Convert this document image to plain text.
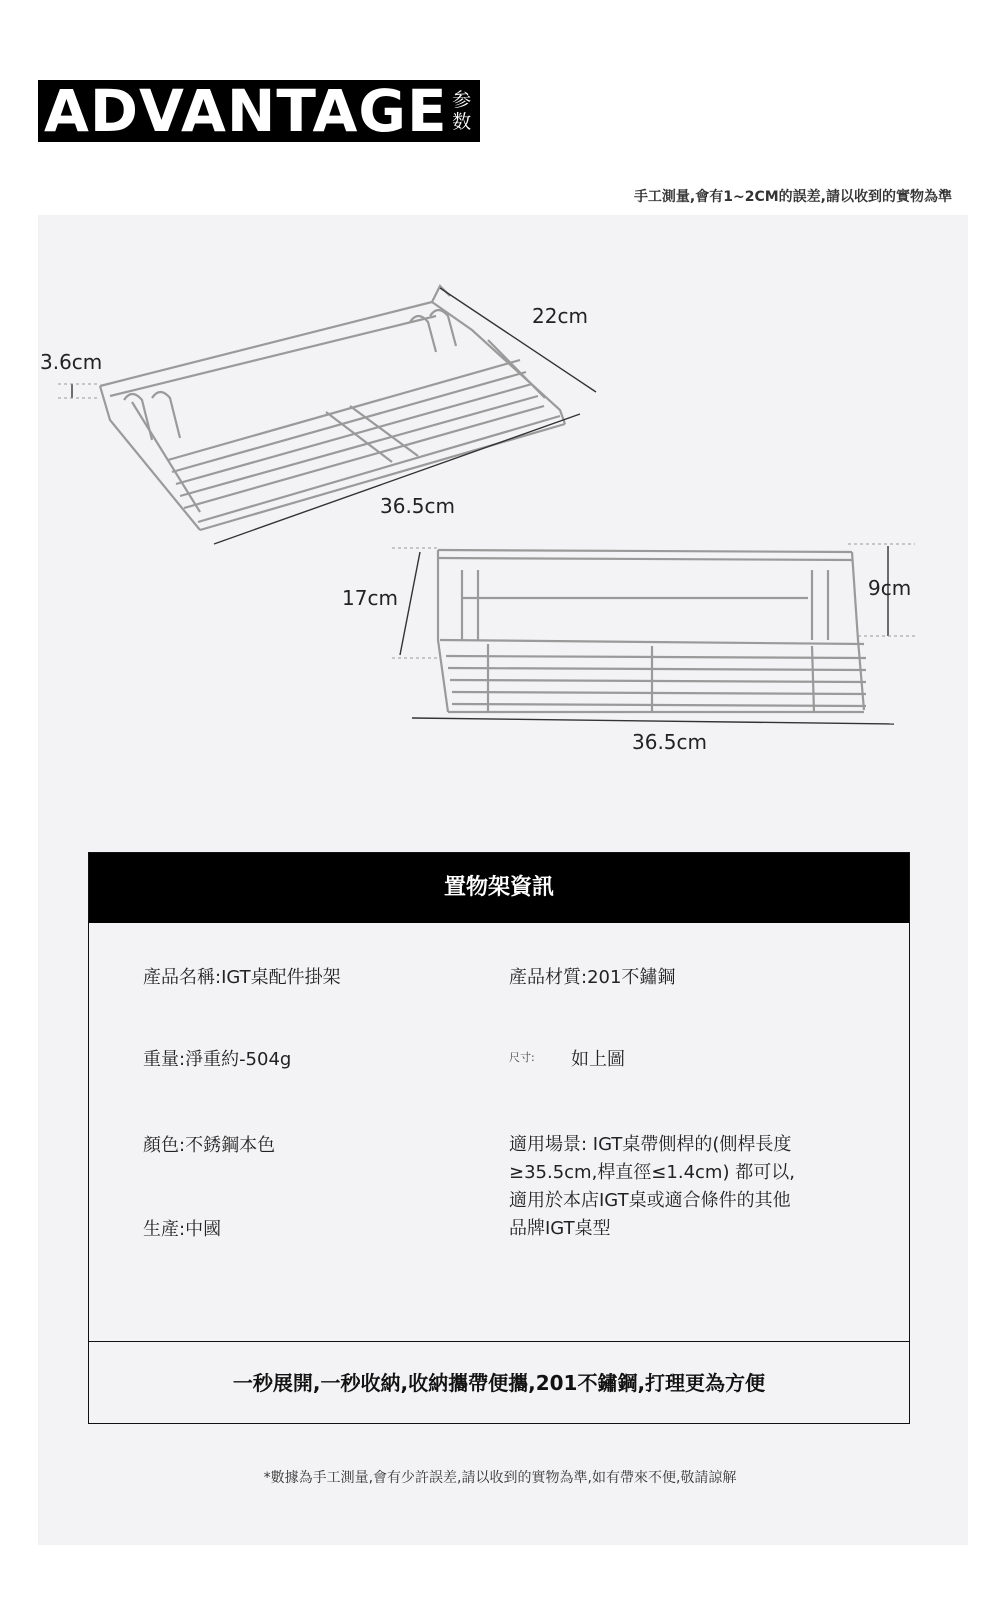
ADVANTAGE 参
数
手工測量,會有1~2CM的誤差,請以收到的實物為準
22cm
3.6cm
36.5cm
17cm	9cm
36.5cm
置物架資訊
產品名稱:IGT桌配件掛架	產品材質:201不鏽鋼
重量:淨重約-504g	尺寸: 如上圖
顏色:不銹鋼本色	適用場景: IGT桌帶側桿的(側桿長度
≥35.5cm,桿直徑≤1.4cm) 都可以,
適用於本店IGT桌或適合條件的其他
品牌IGT桌型
生產:中國
一秒展開,一秒收納,收納攜帶便攜,201不鏽鋼,打理更為方便
*數據為手工測量,會有少許誤差,請以收到的實物為準,如有帶來不便,敬請諒解
